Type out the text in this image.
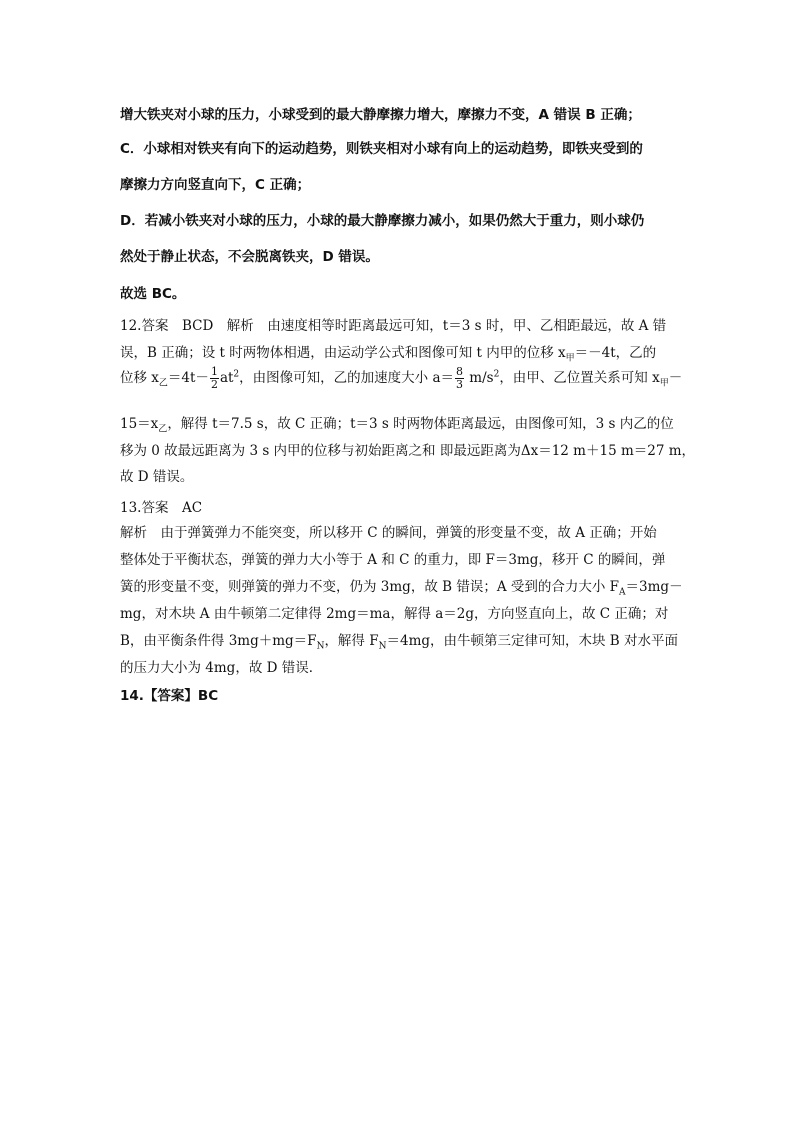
增大铁夹对小球的压力，小球受到的最大静摩擦力增大，摩擦力不变，A 错误 B 正确；
C．小球相对铁夹有向下的运动趋势，则铁夹相对小球有向上的运动趋势，即铁夹受到的
摩擦力方向竖直向下，C 正确；
D．若减小铁夹对小球的压力，小球的最大静摩擦力减小，如果仍然大于重力，则小球仍
然处于静止状态，不会脱离铁夹，D 错误。
故选 BC。
12.答案　BCD　解析　由速度相等时距离最远可知，t＝3 s 时，甲、乙相距最远，故 A 错
误，B 正确；设 t 时两物体相遇，由运动学公式和图像可知 t 内甲的位移 $x_甲=-4t$，乙的
位移 $x_乙=4t- \frac{1}{2} at^2$，由图像可知，乙的加速度大小 $a= \frac{8}{3} m/s^2$，由甲、乙位置关系可知 $x_甲-$
$15=x_乙$，解得 t＝7.5 s，故 C 正确；t＝3 s 时两物体距离最远，由图像可知，3 s 内乙的位
移为 0 故最远距离为 3 s 内甲的位移与初始距离之和 即最远距离为Δx＝12 m＋15 m＝27 m，
故 D 错误。
13.答案　AC
解析　由于弹簧弹力不能突变，所以移开 C 的瞬间，弹簧的形变量不变，故 A 正确；开始
整体处于平衡状态，弹簧的弹力大小等于 A 和 C 的重力，即 F＝3mg，移开 C 的瞬间，弹
簧的形变量不变，则弹簧的弹力不变，仍为 3mg，故 B 错误；A 受到的合力大小 $F_A=3mg-$
mg，对木块 A 由牛顿第二定律得 2mg＝ma，解得 a＝2g，方向竖直向上，故 C 正确；对
B，由平衡条件得 $3mg+mg=F_N$，解得 $F_N=4mg$，由牛顿第三定律可知，木块 B 对水平面
的压力大小为 4mg，故 D 错误．
14.【答案】BC
